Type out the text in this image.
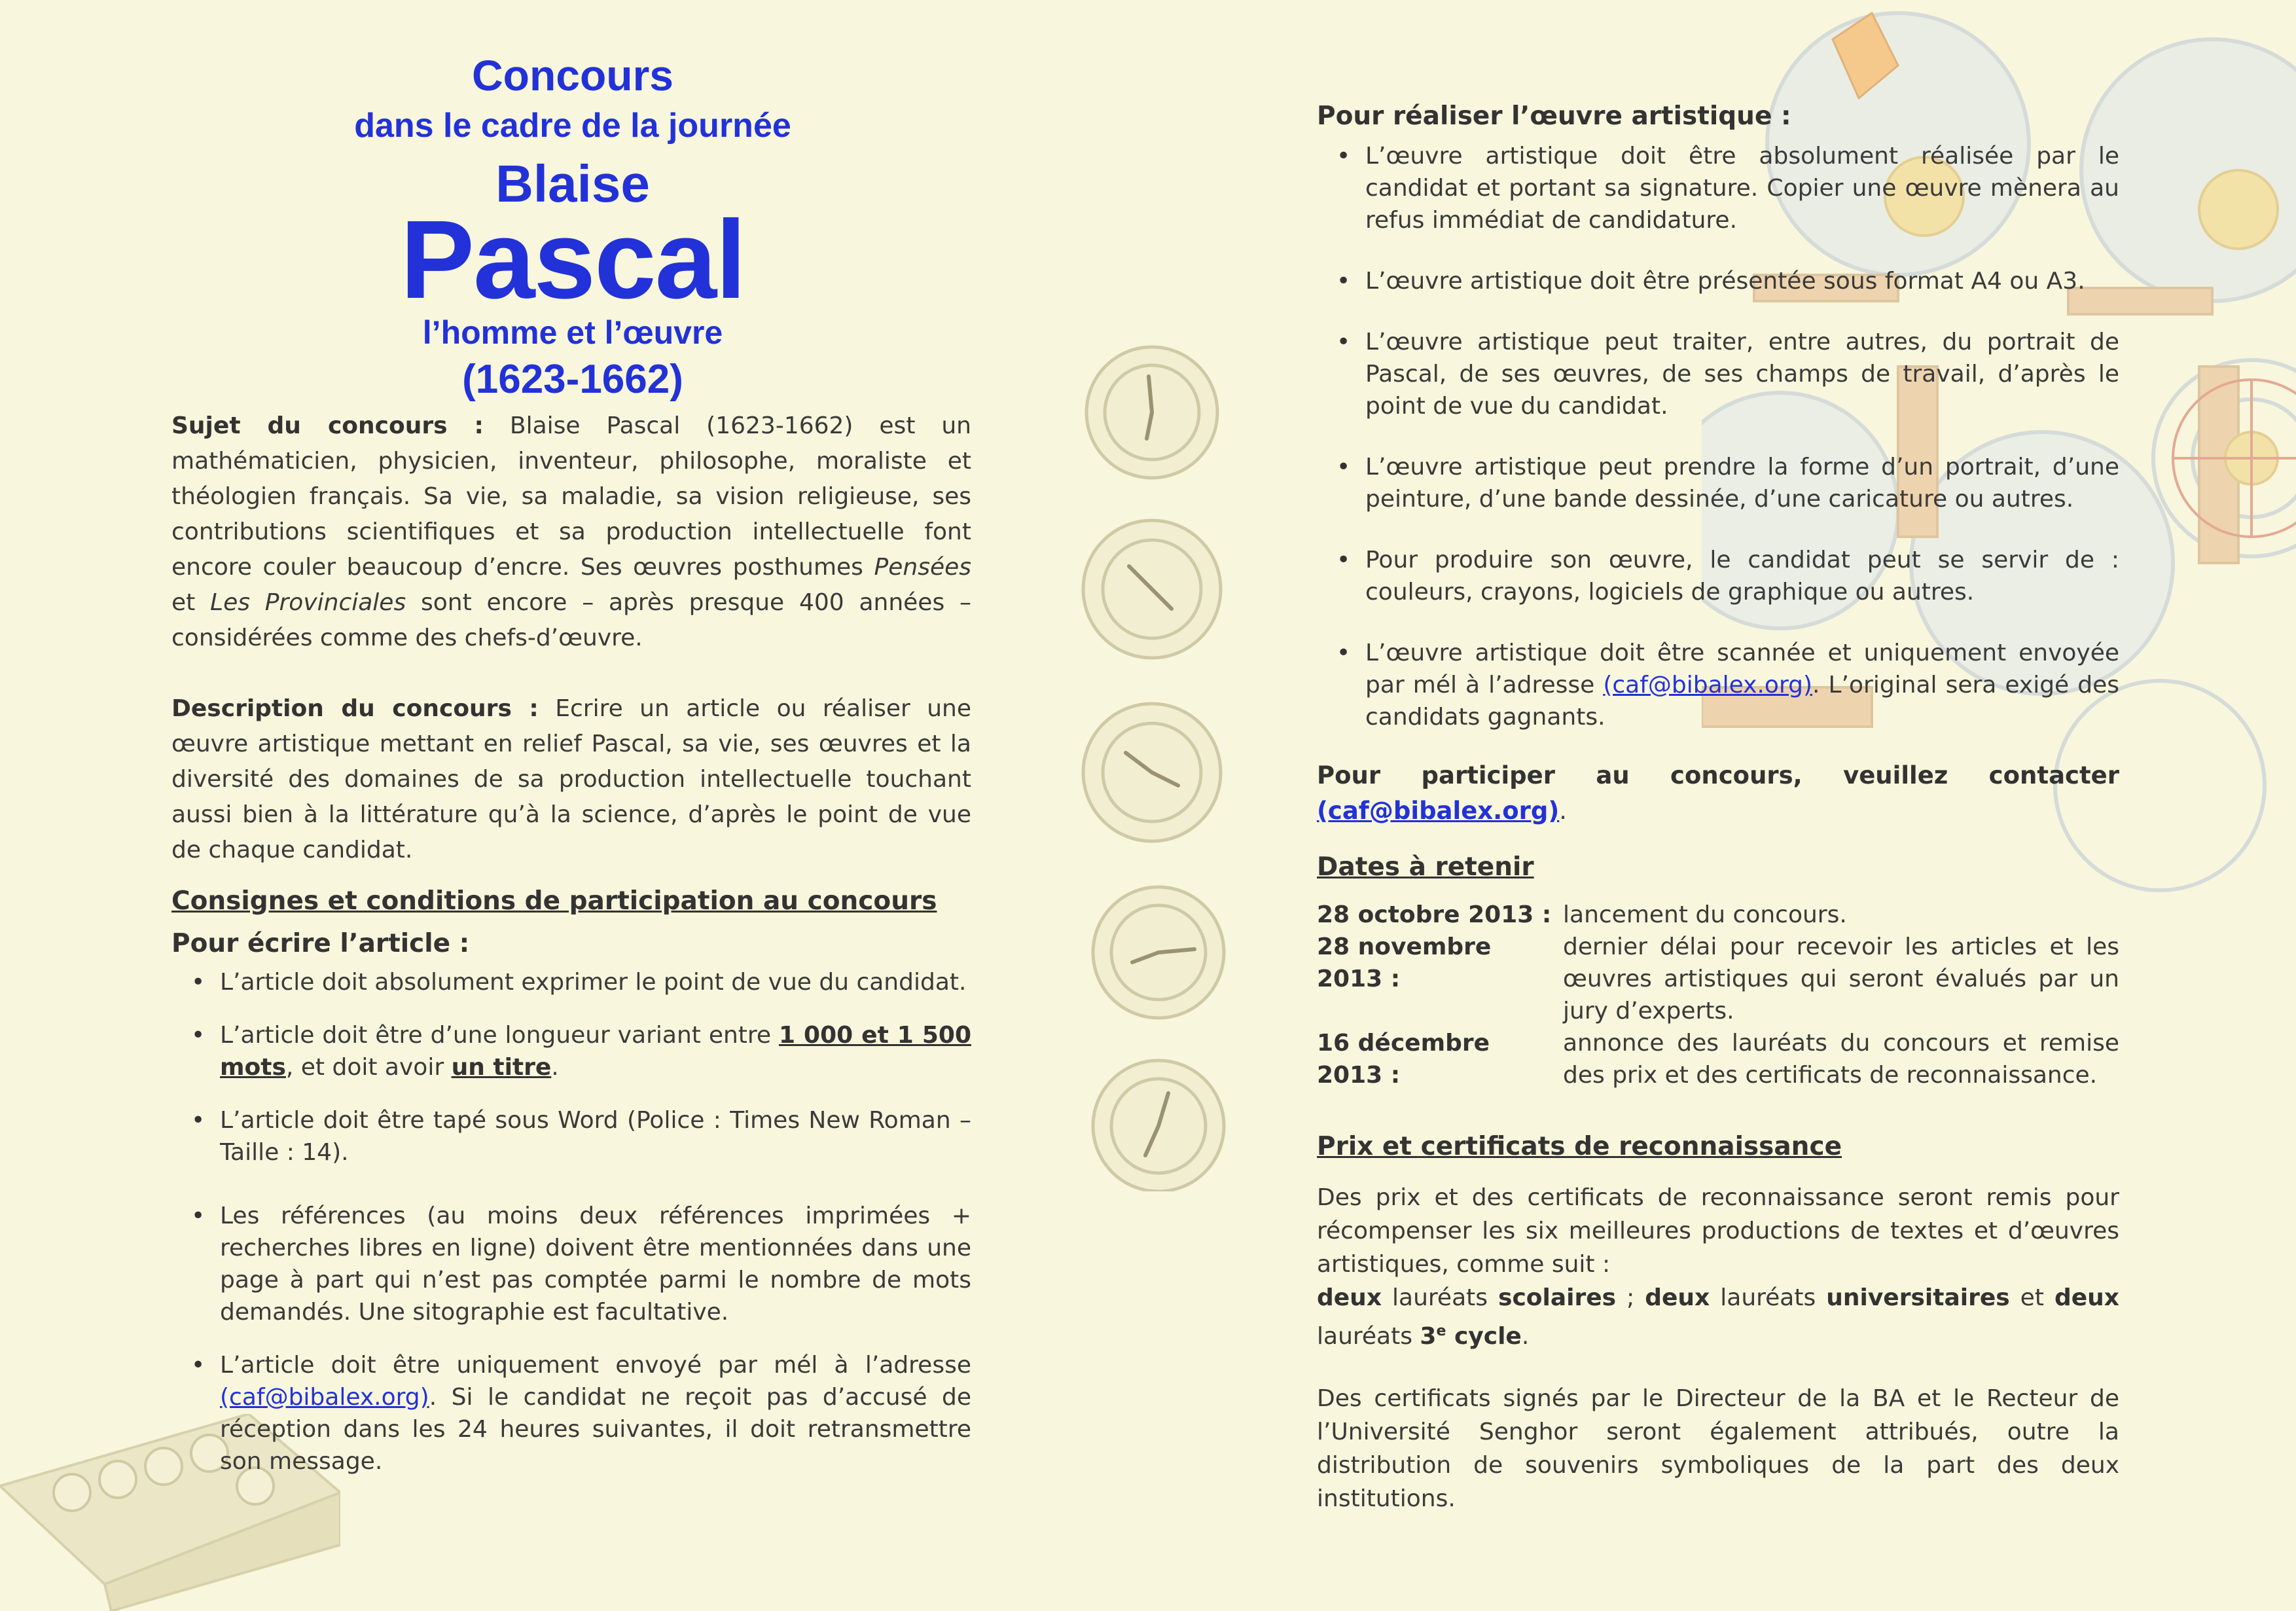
Concours
dans le cadre de la journée
Blaise
Pascal
l’homme et l’œuvre
(1623-1662)

Sujet du concours : Blaise Pascal (1623-1662) est un mathématicien, physicien, inventeur, philosophe, moraliste et théologien français. Sa vie, sa maladie, sa vision religieuse, ses contributions scientifiques et sa production intellectuelle font encore couler beaucoup d’encre. Ses œuvres posthumes Pensées et Les Provinciales sont encore – après presque 400 années – considérées comme des chefs-d’œuvre.

Description du concours : Ecrire un article ou réaliser une œuvre artistique mettant en relief Pascal, sa vie, ses œuvres et la diversité des domaines de sa production intellectuelle touchant aussi bien à la littérature qu’à la science, d’après le point de vue de chaque candidat.

Consignes et conditions de participation au concours
Pour écrire l’article :
• L’article doit absolument exprimer le point de vue du candidat.
• L’article doit être d’une longueur variant entre 1 000 et 1 500 mots, et doit avoir un titre.
• L’article doit être tapé sous Word (Police : Times New Roman – Taille : 14).
• Les références (au moins deux références imprimées + recherches libres en ligne) doivent être mentionnées dans une page à part qui n’est pas comptée parmi le nombre de mots demandés. Une sitographie est facultative.
• L’article doit être uniquement envoyé par mél à l’adresse (caf@bibalex.org). Si le candidat ne reçoit pas d’accusé de réception dans les 24 heures suivantes, il doit retransmettre son message.
Pour réaliser l’œuvre artistique :
• L’œuvre artistique doit être absolument réalisée par le candidat et portant sa signature. Copier une œuvre mènera au refus immédiat de candidature.
• L’œuvre artistique doit être présentée sous format A4 ou A3.
• L’œuvre artistique peut traiter, entre autres, du portrait de Pascal, de ses œuvres, de ses champs de travail, d’après le point de vue du candidat.
• L’œuvre artistique peut prendre la forme d’un portrait, d’une peinture, d’une bande dessinée, d’une caricature ou autres.
• Pour produire son œuvre, le candidat peut se servir de : couleurs, crayons, logiciels de graphique ou autres.
• L’œuvre artistique doit être scannée et uniquement envoyée par mél à l’adresse (caf@bibalex.org). L’original sera exigé des candidats gagnants.

Pour participer au concours, veuillez contacter (caf@bibalex.org).

Dates à retenir
28 octobre 2013 : lancement du concours.
28 novembre 2013 :
dernier délai pour recevoir les articles et les œuvres artistiques qui seront évalués par un jury d’experts.
16 décembre 2013 :
annonce des lauréats du concours et remise des prix et des certificats de reconnaissance.
Prix et certificats de reconnaissance

Des prix et des certificats de reconnaissance seront remis pour récompenser les six meilleures productions de textes et d’œuvres artistiques, comme suit :
deux lauréats scolaires ; deux lauréats universitaires et deux lauréats 3e cycle.

Des certificats signés par le Directeur de la BA et le Recteur de l’Université Senghor seront également attribués, outre la distribution de souvenirs symboliques de la part des deux institutions.
